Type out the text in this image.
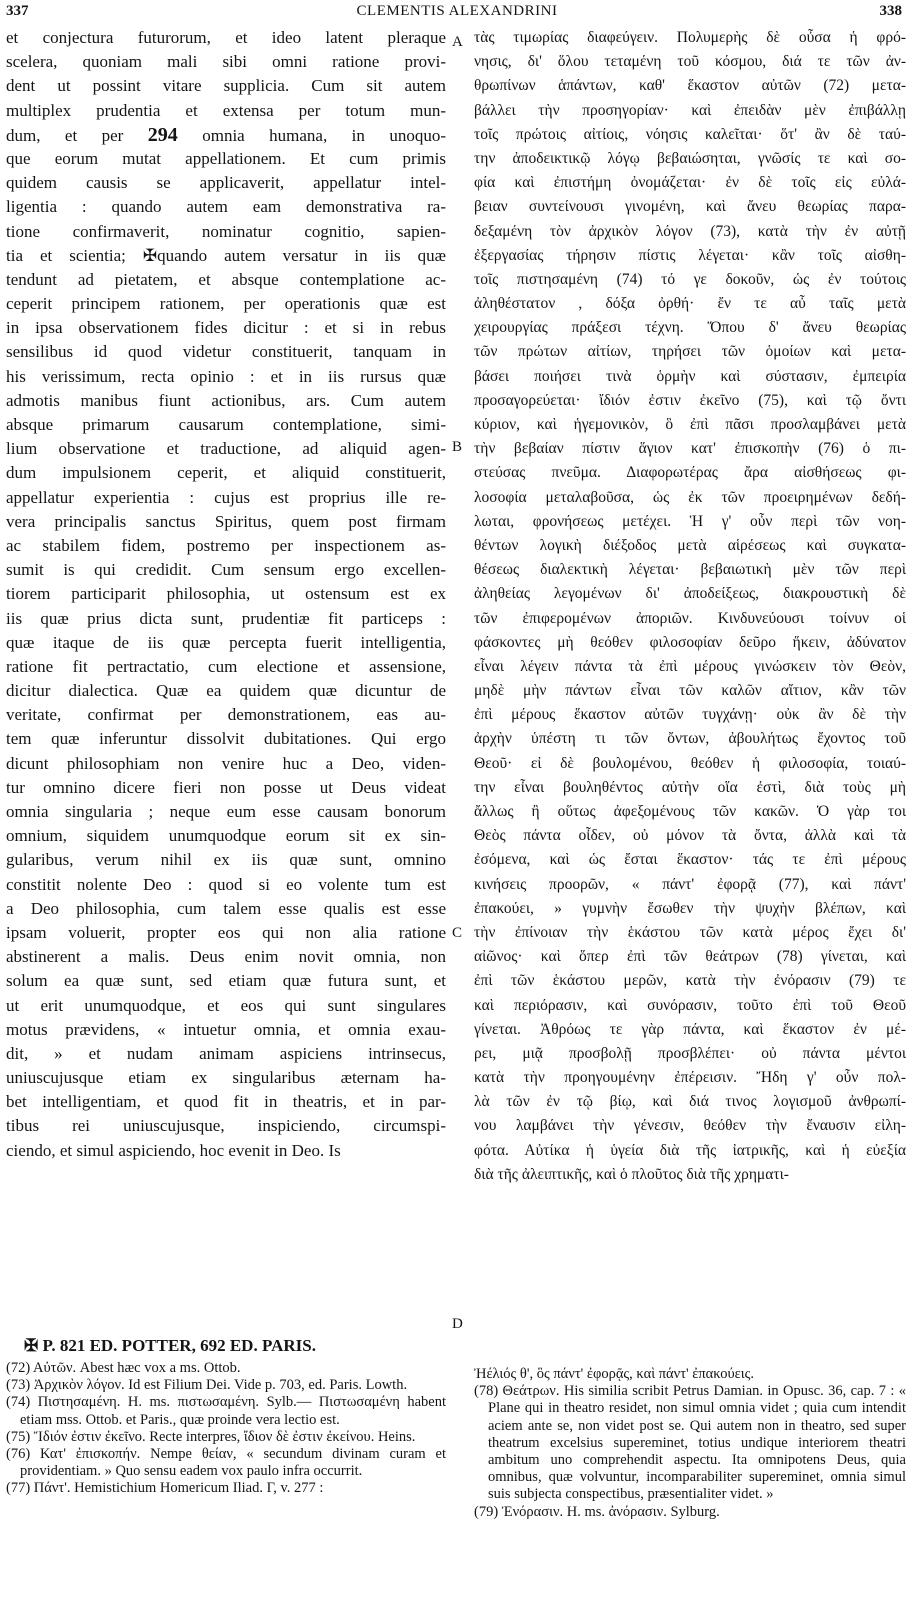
337	CLEMENTIS ALEXANDRINI	338
et conjectura futurorum, et ideo latent pleraque
scelera, quoniam mali sibi omni ratione provi-
dent ut possint vitare supplicia. Cum sit autem
multiplex prudentia et extensa per totum mun-
dum, et per 294 omnia humana, in unoquo-
que eorum mutat appellationem. Et cum primis
quidem causis se applicaverit, appellatur intel-
ligentia : quando autem eam demonstrativa ra-
tione confirmaverit, nominatur cognitio, sapien-
tia et scientia; ✠quando autem versatur in iis quæ
tendunt ad pietatem, et absque contemplatione ac-
ceperit principem rationem, per operationis quæ est
in ipsa observationem fides dicitur : et si in rebus
sensilibus id quod videtur constituerit, tanquam in
his verissimum, recta opinio : et in iis rursus quæ
admotis manibus fiunt actionibus, ars. Cum autem
absque primarum causarum contemplatione, simi-
lium observatione et traductione, ad aliquid agen-
dum impulsionem ceperit, et aliquid constituerit,
appellatur experientia : cujus est proprius ille re-
vera principalis sanctus Spiritus, quem post firmam
ac stabilem fidem, postremo per inspectionem as-
sumit is qui credidit. Cum sensum ergo excellen-
tiorem participarit philosophia, ut ostensum est ex
iis quæ prius dicta sunt, prudentiæ fit particeps :
quæ itaque de iis quæ percepta fuerit intelligentia,
ratione fit pertractatio, cum electione et assensione,
dicitur dialectica. Quæ ea quidem quæ dicuntur de
veritate, confirmat per demonstrationem, eas au-
tem quæ inferuntur dissolvit dubitationes. Qui ergo
dicunt philosophiam non venire huc a Deo, viden-
tur omnino dicere fieri non posse ut Deus videat
omnia singularia ; neque eum esse causam bonorum
omnium, siquidem unumquodque eorum sit ex sin-
gularibus, verum nihil ex iis quæ sunt, omnino
constitit nolente Deo : quod si eo volente tum est
a Deo philosophia, cum talem esse qualis est esse
ipsam voluerit, propter eos qui non alia ratione
abstinerent a malis. Deus enim novit omnia, non
solum ea quæ sunt, sed etiam quæ futura sunt, et
ut erit unumquodque, et eos qui sunt singulares
motus prævidens, « intuetur omnia, et omnia exau-
dit, » et nudam animam aspiciens intrinsecus,
uniuscujusque etiam ex singularibus æternam ha-
bet intelligentiam, et quod fit in theatris, et in par-
tibus rei uniuscujusque, inspiciendo, circumspi-
ciendo, et simul aspiciendo, hoc evenit in Deo. Is
A
B
C
D
τὰς τιμωρίας διαφεύγειν. Πολυμερὴς δὲ οὖσα ἡ φρό-
νησις, δι' ὅλου τεταμένη τοῦ κόσμου, διά τε τῶν ἀν-
θρωπίνων ἁπάντων, καθ' ἕκαστον αὐτῶν (72) μετα-
βάλλει τὴν προσηγορίαν· καὶ ἐπειδὰν μὲν ἐπιβάλλῃ
τοῖς πρώτοις αἰτίοις, νόησις καλεῖται· ὅτ' ἂν δὲ ταύ-
την ἀποδεικτικῷ λόγῳ βεβαιώσηται, γνῶσίς τε καὶ σο-
φία καὶ ἐπιστήμη ὀνομάζεται· ἐν δὲ τοῖς εἰς εὐλά-
βειαν συντείνουσι γινομένη, καὶ ἄνευ θεωρίας παρα-
δεξαμένη τὸν ἀρχικὸν λόγον (73), κατὰ τὴν ἐν αὐτῇ
ἐξεργασίας τήρησιν πίστις λέγεται· κἂν τοῖς αἰσθη-
τοῖς πιστησαμένη (74) τό γε δοκοῦν, ὡς ἐν τούτοις
ἀληθέστατον , δόξα ὀρθή· ἔν τε αὖ ταῖς μετὰ
χειρουργίας πράξεσι τέχνη. Ὅπου δ' ἄνευ θεωρίας
τῶν πρώτων αἰτίων, τηρήσει τῶν ὁμοίων καὶ μετα-
βάσει ποιήσει τινὰ ὁρμὴν καὶ σύστασιν, ἐμπειρία
προσαγορεύεται· ἴδιόν ἐστιν ἐκεῖνο (75), καὶ τῷ ὄντι
κύριον, καὶ ἡγεμονικὸν, ὃ ἐπὶ πᾶσι προσλαμβάνει μετὰ
τὴν βεβαίαν πίστιν ἅγιον κατ' ἐπισκοπὴν (76) ὁ πι-
στεύσας πνεῦμα. Διαφορωτέρας ἄρα αἰσθήσεως φι-
λοσοφία μεταλαβοῦσα, ὡς ἐκ τῶν προειρημένων δεδή-
λωται, φρονήσεως μετέχει. Ἡ γ' οὖν περὶ τῶν νοη-
θέντων λογικὴ διέξοδος μετὰ αἱρέσεως καὶ συγκατα-
θέσεως διαλεκτικὴ λέγεται· βεβαιωτικὴ μὲν τῶν περὶ
ἀληθείας λεγομένων δι' ἀποδείξεως, διακρουστικὴ δὲ
τῶν ἐπιφερομένων ἀποριῶν. Κινδυνεύουσι τοίνυν οἱ
φάσκοντες μὴ θεόθεν φιλοσοφίαν δεῦρο ἥκειν, ἀδύνατον
εἶναι λέγειν πάντα τὰ ἐπὶ μέρους γινώσκειν τὸν Θεὸν,
μηδὲ μὴν πάντων εἶναι τῶν καλῶν αἴτιον, κἂν τῶν
ἐπὶ μέρους ἕκαστον αὐτῶν τυγχάνῃ· οὐκ ἂν δὲ τὴν
ἀρχὴν ὑπέστη τι τῶν ὄντων, ἀβουλήτως ἔχοντος τοῦ
Θεοῦ· εἰ δὲ βουλομένου, θεόθεν ἡ φιλοσοφία, τοιαύ-
την εἶναι βουληθέντος αὐτὴν οἵα ἐστὶ, διὰ τοὺς μὴ
ἄλλως ἢ οὕτως ἀφεξομένους τῶν κακῶν. Ὁ γὰρ τοι
Θεὸς πάντα οἶδεν, οὐ μόνον τὰ ὄντα, ἀλλὰ καὶ τὰ
ἐσόμενα, καὶ ὡς ἔσται ἕκαστον· τάς τε ἐπὶ μέρους
κινήσεις προορῶν, « πάντ' ἐφορᾷ (77), καὶ πάντ'
ἐπακούει, » γυμνὴν ἔσωθεν τὴν ψυχὴν βλέπων, καὶ
τὴν ἐπίνοιαν τὴν ἑκάστου τῶν κατὰ μέρος ἔχει δι'
αἰῶνος· καὶ ὅπερ ἐπὶ τῶν θεάτρων (78) γίνεται, καὶ
ἐπὶ τῶν ἑκάστου μερῶν, κατὰ τὴν ἐνόρασιν (79) τε
καὶ περιόρασιν, καὶ συνόρασιν, τοῦτο ἐπὶ τοῦ Θεοῦ
γίνεται. Ἀθρόως τε γὰρ πάντα, καὶ ἕκαστον ἐν μέ-
ρει, μιᾷ προσβολῇ προσβλέπει· οὐ πάντα μέντοι
κατὰ τὴν προηγουμένην ἐπέρεισιν. Ἤδη γ' οὖν πολ-
λὰ τῶν ἐν τῷ βίῳ, καὶ διά τινος λογισμοῦ ἀνθρωπί-
νου λαμβάνει τὴν γένεσιν, θεόθεν τὴν ἔναυσιν εἰλη-
φότα. Αὐτίκα ἡ ὑγεία διὰ τῆς ἰατρικῆς, καὶ ἡ εὐεξία
διὰ τῆς ἀλειπτικῆς, καὶ ὁ πλοῦτος διὰ τῆς χρηματι-
✠ P. 821 ED. POTTER, 692 ED. PARIS.

(72) Αὐτῶν. Abest hæc vox a ms. Ottob.

(73) Ἀρχικὸν λόγον. Id est Filium Dei. Vide p. 703, ed. Paris. Lowth.

(74) Πιστησαμένη. H. ms. πιστωσαμένη. Sylb.— Πιστωσαμένη habent etiam mss. Ottob. et Paris., quæ proinde vera lectio est.

(75) Ἴδιόν ἐστιν ἐκεῖνο. Recte interpres, ἴδιον δὲ ἐστιν ἐκείνου. Heins.

(76) Κατ' ἐπισκοπήν. Nempe θείαν, « secundum divinam curam et providentiam. » Quo sensu eadem vox paulo infra occurrit.

(77) Πάντ'. Hemistichium Homericum Iliad. Γ, v. 277 :

Ἠέλιός θ', ὃς πάντ' ἐφορᾷς, καὶ πάντ' ἐπακούεις.

(78) Θεάτρων. His similia scribit Petrus Damian. in Opusc. 36, cap. 7 : « Plane qui in theatro residet, non simul omnia videt ; quia cum intendit aciem ante se, non videt post se. Qui autem non in theatro, sed super theatrum excelsius supereminet, totius undique interiorem theatri ambitum uno comprehendit aspectu. Ita omnipotens Deus, quia omnibus, quæ volvuntur, incomparabiliter supereminet, omnia simul suis subjecta conspectibus, præsentialiter videt. »

(79) Ἐνόρασιν. H. ms. ἀνόρασιν. Sylburg.
